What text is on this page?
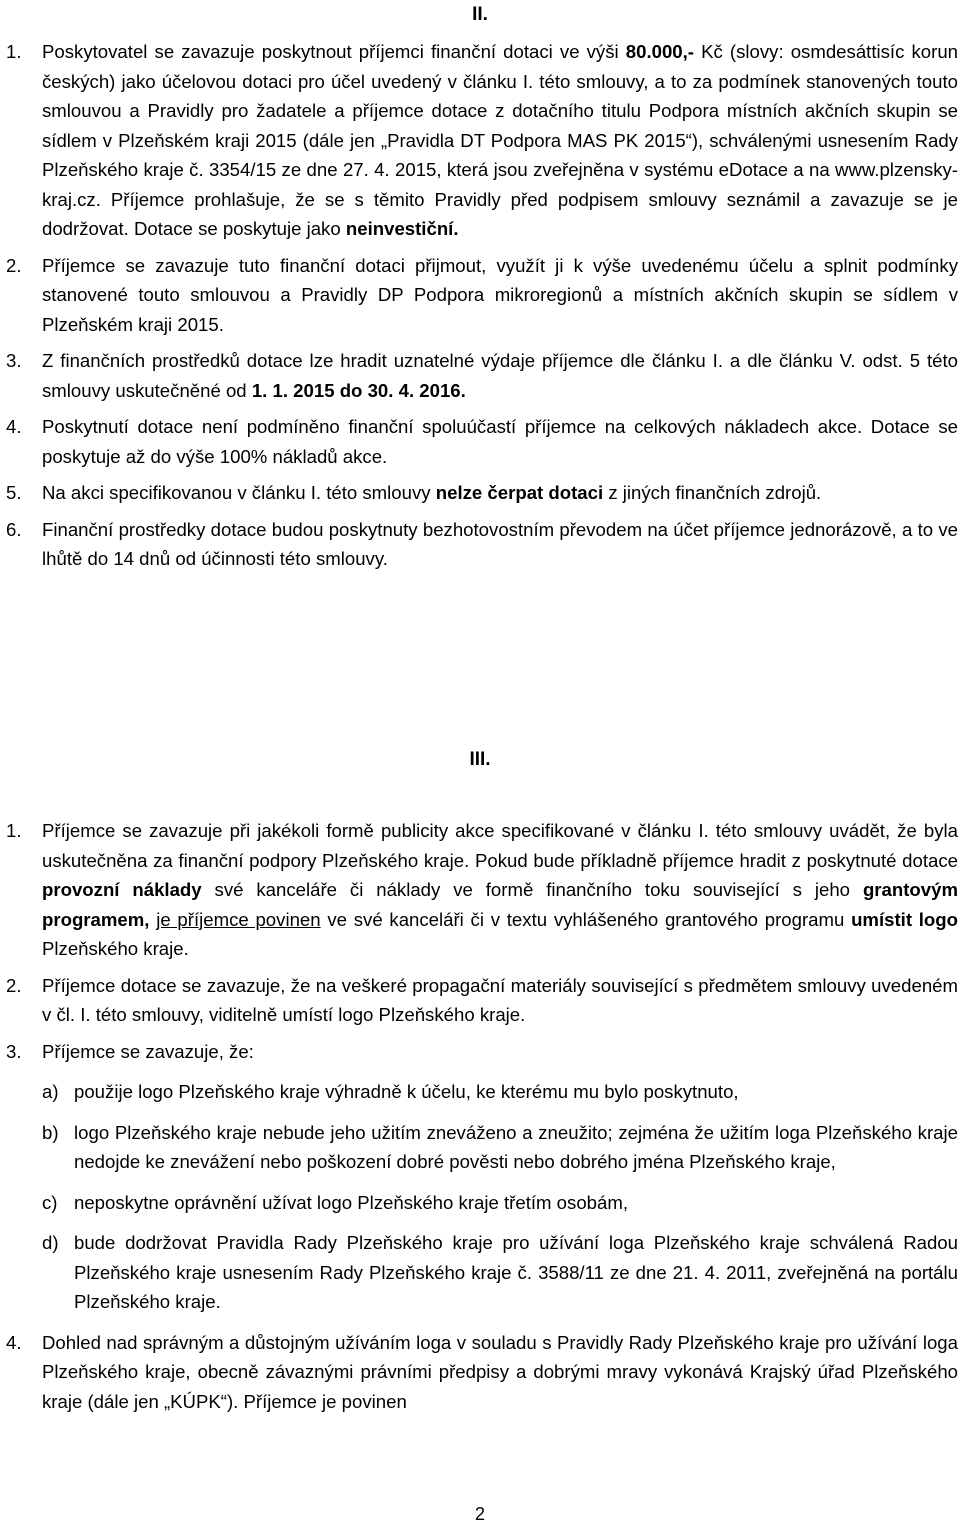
II.
1. Poskytovatel se zavazuje poskytnout příjemci finanční dotaci ve výši 80.000,- Kč (slovy: osmdesáttisíc korun českých) jako účelovou dotaci pro účel uvedený v článku I. této smlouvy, a to za podmínek stanovených touto smlouvou a Pravidly pro žadatele a příjemce dotace z dotačního titulu Podpora místních akčních skupin se sídlem v Plzeňském kraji 2015 (dále jen „Pravidla DT Podpora MAS PK 2015“), schválenými usnesením Rady Plzeňského kraje č. 3354/15 ze dne 27. 4. 2015, která jsou zveřejněna v systému eDotace a na www.plzensky-kraj.cz. Příjemce prohlašuje, že se s těmito Pravidly před podpisem smlouvy seznámil a zavazuje se je dodržovat. Dotace se poskytuje jako neinvestiční.
2. Příjemce se zavazuje tuto finanční dotaci přijmout, využít ji k výše uvedenému účelu a splnit podmínky stanovené touto smlouvou a Pravidly DP Podpora mikroregionů a místních akčních skupin se sídlem v Plzeňském kraji 2015.
3. Z finančních prostředků dotace lze hradit uznatelné výdaje příjemce dle článku I. a dle článku V. odst. 5 této smlouvy uskutečněné od 1. 1. 2015 do 30. 4. 2016.
4. Poskytnutí dotace není podmíněno finanční spoluúčastí příjemce na celkových nákladech akce. Dotace se poskytuje až do výše 100% nákladů akce.
5. Na akci specifikovanou v článku I. této smlouvy nelze čerpat dotaci z jiných finančních zdrojů.
6. Finanční prostředky dotace budou poskytnuty bezhotovostním převodem na účet příjemce jednorázově, a to ve lhůtě do 14 dnů od účinnosti této smlouvy.
III.
1. Příjemce se zavazuje při jakékoli formě publicity akce specifikované v článku I. této smlouvy uvádět, že byla uskutečněna za finanční podpory Plzeňského kraje. Pokud bude příkladně příjemce hradit z poskytnuté dotace provozní náklady své kanceláře či náklady ve formě finančního toku související s jeho grantovým programem, je příjemce povinen ve své kanceláři či v textu vyhlášeného grantového programu umístit logo Plzeňského kraje.
2. Příjemce dotace se zavazuje, že na veškeré propagační materiály související s předmětem smlouvy uvedeném v čl. I. této smlouvy, viditelně umístí logo Plzeňského kraje.
3. Příjemce se zavazuje, že:
a) použije logo Plzeňského kraje výhradně k účelu, ke kterému mu bylo poskytnuto,
b) logo Plzeňského kraje nebude jeho užitím zneváženo a zneužito; zejména že užitím loga Plzeňského kraje nedojde ke znevážení nebo poškození dobré pověsti nebo dobrého jména Plzeňského kraje,
c) neposkytne oprávnění užívat logo Plzeňského kraje třetím osobám,
d) bude dodržovat Pravidla Rady Plzeňského kraje pro užívání loga Plzeňského kraje schválená Radou Plzeňského kraje usnesením Rady Plzeňského kraje č. 3588/11 ze dne 21. 4. 2011, zveřejněná na portálu Plzeňského kraje.
4. Dohled nad správným a důstojným užíváním loga v souladu s Pravidly Rady Plzeňského kraje pro užívání loga Plzeňského kraje, obecně závaznými právními předpisy a dobrými mravy vykonává Krajský úřad Plzeňského kraje (dále jen „KÚPK“). Příjemce je povinen
2
